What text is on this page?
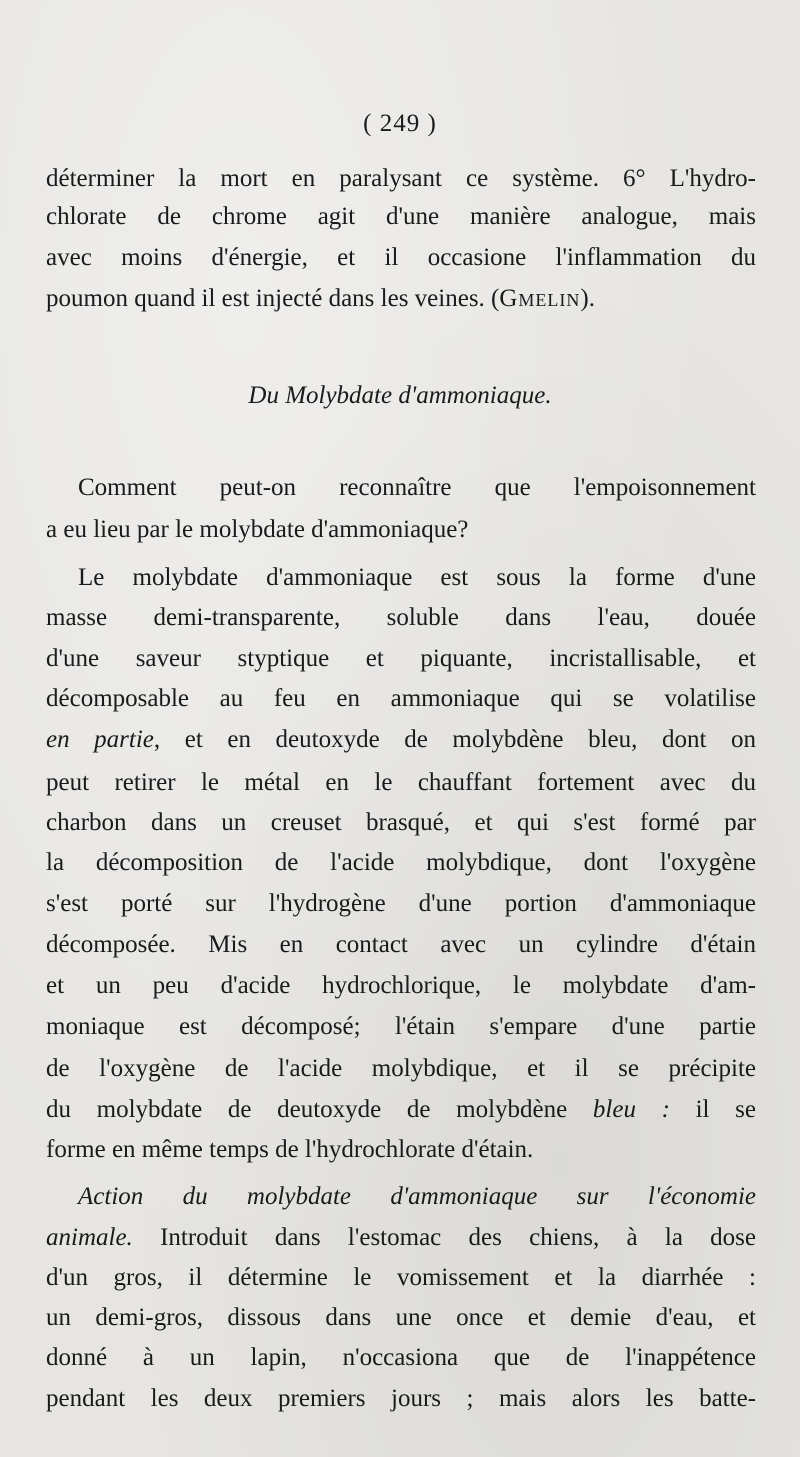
( 249 )
déterminer la mort en paralysant ce système. 6° L'hydro-
chlorate de chrome agit d'une manière analogue, mais
avec moins d'énergie, et il occasione l'inflammation du
poumon quand il est injecté dans les veines. (Gmelin).
Du Molybdate d'ammoniaque.
Comment peut-on reconnaître que l'empoisonnement
a eu lieu par le molybdate d'ammoniaque?
Le molybdate d'ammoniaque est sous la forme d'une
masse demi-transparente, soluble dans l'eau, douée
d'une saveur styptique et piquante, incristallisable, et
décomposable au feu en ammoniaque qui se volatilise
en partie, et en deutoxyde de molybdène bleu, dont on
peut retirer le métal en le chauffant fortement avec du
charbon dans un creuset brasqué, et qui s'est formé par
la décomposition de l'acide molybdique, dont l'oxygène
s'est porté sur l'hydrogène d'une portion d'ammoniaque
décomposée. Mis en contact avec un cylindre d'étain
et un peu d'acide hydrochlorique, le molybdate d'am-
moniaque est décomposé; l'étain s'empare d'une partie
de l'oxygène de l'acide molybdique, et il se précipite
du molybdate de deutoxyde de molybdène bleu : il se
forme en même temps de l'hydrochlorate d'étain.
Action du molybdate d'ammoniaque sur l'économie
animale. Introduit dans l'estomac des chiens, à la dose
d'un gros, il détermine le vomissement et la diarrhée :
un demi-gros, dissous dans une once et demie d'eau, et
donné à un lapin, n'occasiona que de l'inappétence
pendant les deux premiers jours ; mais alors les batte-
